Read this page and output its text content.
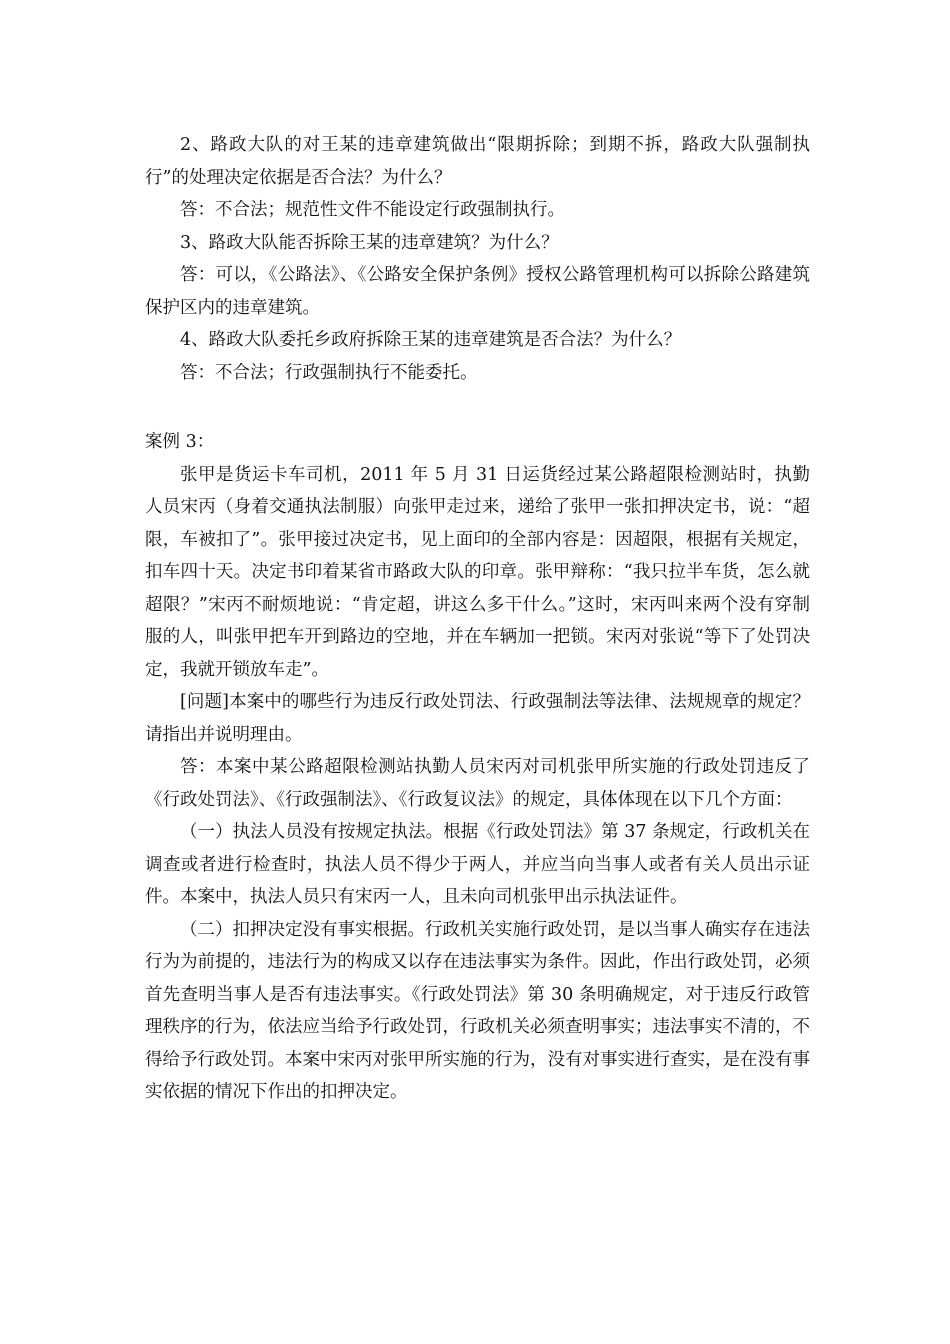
2、路政大队的对王某的违章建筑做出“限期拆除；到期不拆，路政大队强制执行”的处理决定依据是否合法？为什么？

答：不合法；规范性文件不能设定行政强制执行。

3、路政大队能否拆除王某的违章建筑？为什么？

答：可以，《公路法》、《公路安全保护条例》授权公路管理机构可以拆除公路建筑保护区内的违章建筑。

4、路政大队委托乡政府拆除王某的违章建筑是否合法？为什么？

答：不合法；行政强制执行不能委托。

案例 3：

张甲是货运卡车司机，2011 年 5 月 31 日运货经过某公路超限检测站时，执勤人员宋丙（身着交通执法制服）向张甲走过来，递给了张甲一张扣押决定书，说：“超限，车被扣了”。张甲接过决定书，见上面印的全部内容是：因超限，根据有关规定，扣车四十天。决定书印着某省市路政大队的印章。张甲辩称：“我只拉半车货，怎么就超限？”宋丙不耐烦地说：“肯定超，讲这么多干什么。”这时，宋丙叫来两个没有穿制服的人，叫张甲把车开到路边的空地，并在车辆加一把锁。宋丙对张说“等下了处罚决定，我就开锁放车走”。

[问题]本案中的哪些行为违反行政处罚法、行政强制法等法律、法规规章的规定？请指出并说明理由。

答：本案中某公路超限检测站执勤人员宋丙对司机张甲所实施的行政处罚违反了《行政处罚法》、《行政强制法》、《行政复议法》的规定，具体体现在以下几个方面：

（一）执法人员没有按规定执法。根据《行政处罚法》第 37 条规定，行政机关在调查或者进行检查时，执法人员不得少于两人，并应当向当事人或者有关人员出示证件。本案中，执法人员只有宋丙一人，且未向司机张甲出示执法证件。

（二）扣押决定没有事实根据。行政机关实施行政处罚，是以当事人确实存在违法行为为前提的，违法行为的构成又以存在违法事实为条件。因此，作出行政处罚，必须首先查明当事人是否有违法事实。《行政处罚法》第 30 条明确规定，对于违反行政管理秩序的行为，依法应当给予行政处罚，行政机关必须查明事实；违法事实不清的，不得给予行政处罚。本案中宋丙对张甲所实施的行为，没有对事实进行查实，是在没有事实依据的情况下作出的扣押决定。
